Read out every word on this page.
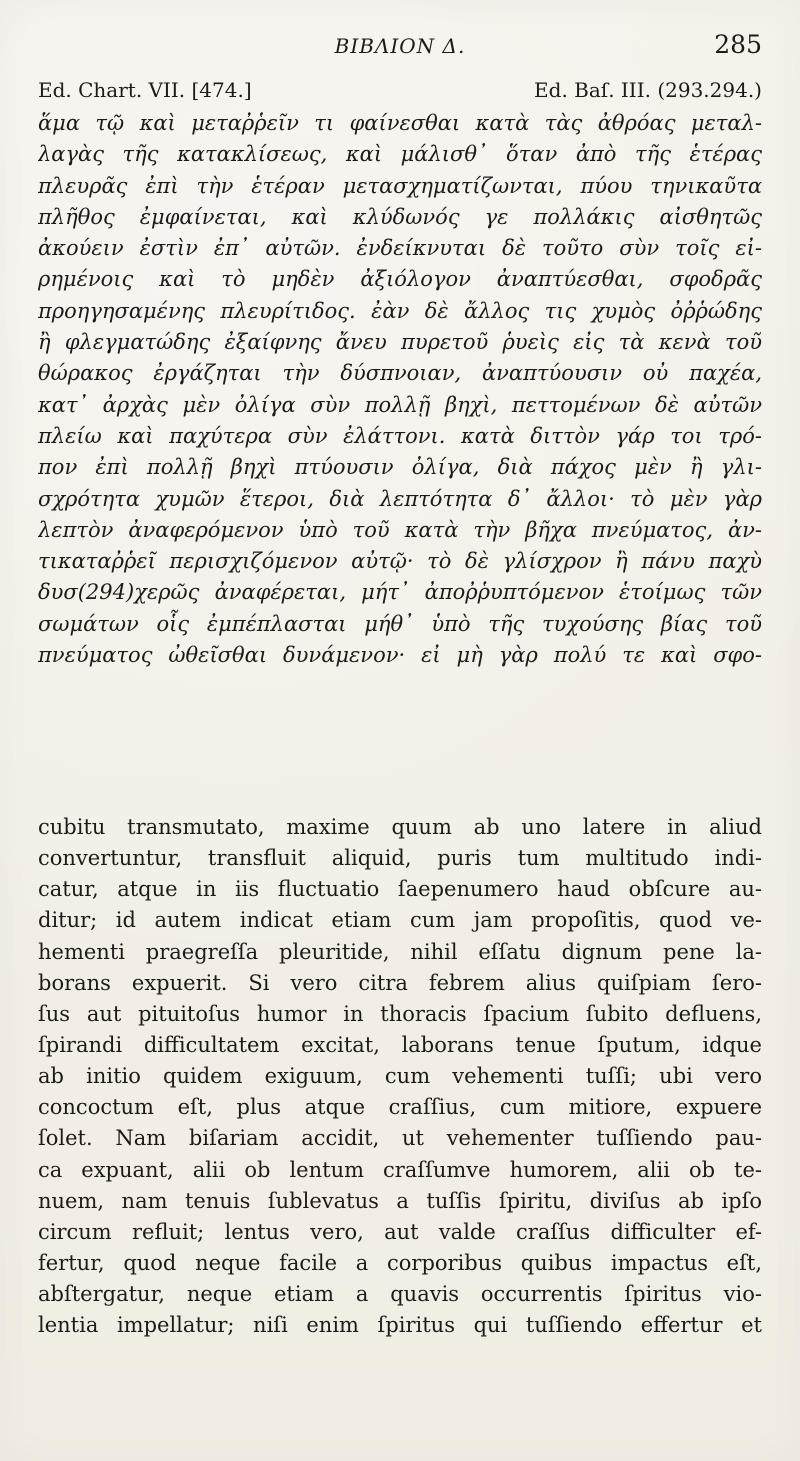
BIBΛΙΟΝ Δ.	285
Ed. Chart. VII. [474.]	Ed. Baſ. III. (293.294.)
ἅμα τῷ καὶ μεταῤῥεῖν τι φαίνεσθαι κατὰ τὰς ἀθρόας μεταλ-
λαγὰς τῆς κατακλίσεως, καὶ μάλισθ᾽ ὅταν ἀπὸ τῆς ἑτέρας
πλευρᾶς ἐπὶ τὴν ἑτέραν μετασχηματίζωνται, πύου τηνικαῦτα
πλῆθος ἐμφαίνεται, καὶ κλύδωνός γε πολλάκις αἰσθητῶς
ἀκούειν ἐστὶν ἐπ᾽ αὐτῶν. ἐνδείκνυται δὲ τοῦτο σὺν τοῖς εἰ-
ρημένοις καὶ τὸ μηδὲν ἀξιόλογον ἀναπτύεσθαι, σφοδρᾶς
προηγησαμένης πλευρίτιδος. ἐὰν δὲ ἄλλος τις χυμὸς ὀῤῥώδης
ἢ φλεγματώδης ἐξαίφνης ἄνευ πυρετοῦ ῥυεὶς εἰς τὰ κενὰ τοῦ
θώρακος ἐργάζηται τὴν δύσπνοιαν, ἀναπτύουσιν οὐ παχέα,
κατ᾽ ἀρχὰς μὲν ὀλίγα σὺν πολλῇ βηχὶ, πεττομένων δὲ αὐτῶν
πλείω καὶ παχύτερα σὺν ἐλάττονι. κατὰ διττὸν γάρ τοι τρό-
πον ἐπὶ πολλῇ βηχὶ πτύουσιν ὀλίγα, διὰ πάχος μὲν ἢ γλι-
σχρότητα χυμῶν ἕτεροι, διὰ λεπτότητα δ᾽ ἄλλοι· τὸ μὲν γὰρ
λεπτὸν ἀναφερόμενον ὑπὸ τοῦ κατὰ τὴν βῆχα πνεύματος, ἀν-
τικαταῤῥεῖ περισχιζόμενον αὐτῷ· τὸ δὲ γλίσχρον ἢ πάνυ παχὺ
δυσ(294)χερῶς ἀναφέρεται, μήτ᾽ ἀποῤῥυπτόμενον ἑτοίμως τῶν
σωμάτων οἷς ἐμπέπλασται μήθ᾽ ὑπὸ τῆς τυχούσης βίας τοῦ
πνεύματος ὠθεῖσθαι δυνάμενον· εἰ μὴ γὰρ πολύ τε καὶ σφο-
cubitu transmutato, maxime quum ab uno latere in aliud
convertuntur, transfluit aliquid, puris tum multitudo indi-
catur, atque in iis fluctuatio ſaepenumero haud obſcure au-
ditur; id autem indicat etiam cum jam propoſitis, quod ve-
hementi praegreſſa pleuritide, nihil eſſatu dignum pene la-
borans expuerit. Si vero citra febrem alius quiſpiam ſero-
ſus aut pituitoſus humor in thoracis ſpacium ſubito defluens,
ſpirandi difficultatem excitat, laborans tenue ſputum, idque
ab initio quidem exiguum, cum vehementi tuſſi; ubi vero
concoctum eſt, plus atque craſſius, cum mitiore, expuere
ſolet. Nam biſariam accidit, ut vehementer tuſſiendo pau-
ca expuant, alii ob lentum craſſumve humorem, alii ob te-
nuem, nam tenuis ſublevatus a tuſſis ſpiritu, diviſus ab ipſo
circum refluit; lentus vero, aut valde craſſus difficulter ef-
fertur, quod neque facile a corporibus quibus impactus eſt,
abſtergatur, neque etiam a quavis occurrentis ſpiritus vio-
lentia impellatur; niſi enim ſpiritus qui tuſſiendo effertur et
